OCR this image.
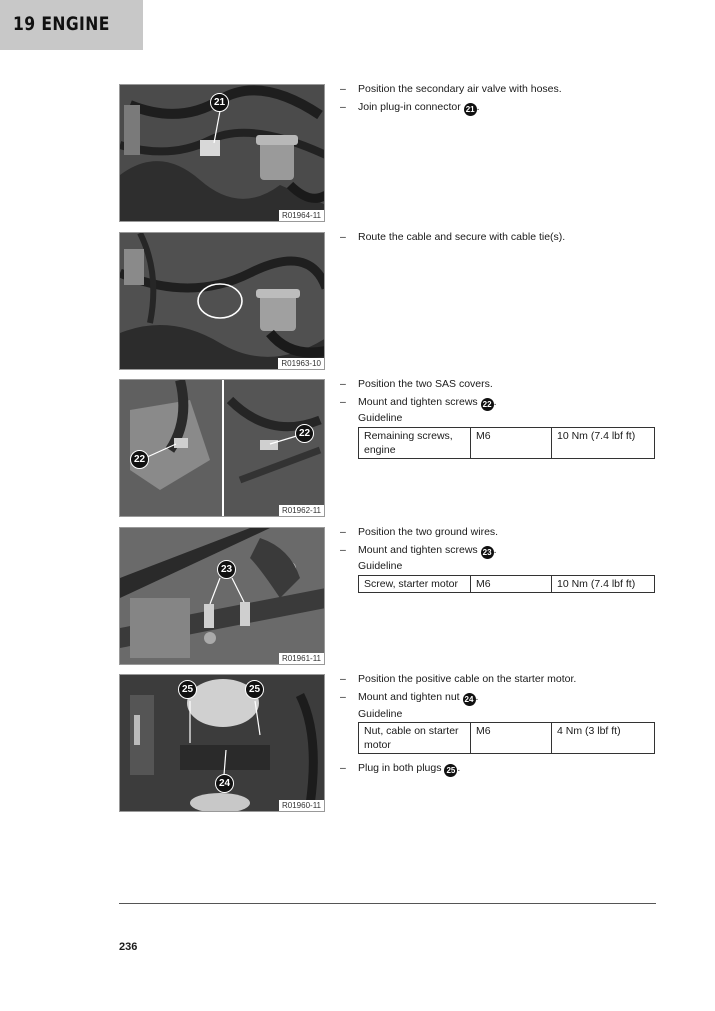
19 ENGINE
21
R01964-11
– Position the secondary air valve with hoses.
– Join plug-in connector 21 .
R01963-10
– Route the cable and secure with cable tie(s).
22
22
R01962-11
– Position the two SAS covers.
– Mount and tighten screws 22 .
Guideline
Remaining screws, engine	M6	10 Nm (7.4 lbf ft)
23
R01961-11
– Position the two ground wires.
– Mount and tighten screws 23 .
Guideline
Screw, starter motor	M6	10 Nm (7.4 lbf ft)
25	25
24
R01960-11
– Position the positive cable on the starter motor.
– Mount and tighten nut 24 .
Guideline
Nut, cable on starter motor	M6	4 Nm (3 lbf ft)
– Plug in both plugs 25 .
236
